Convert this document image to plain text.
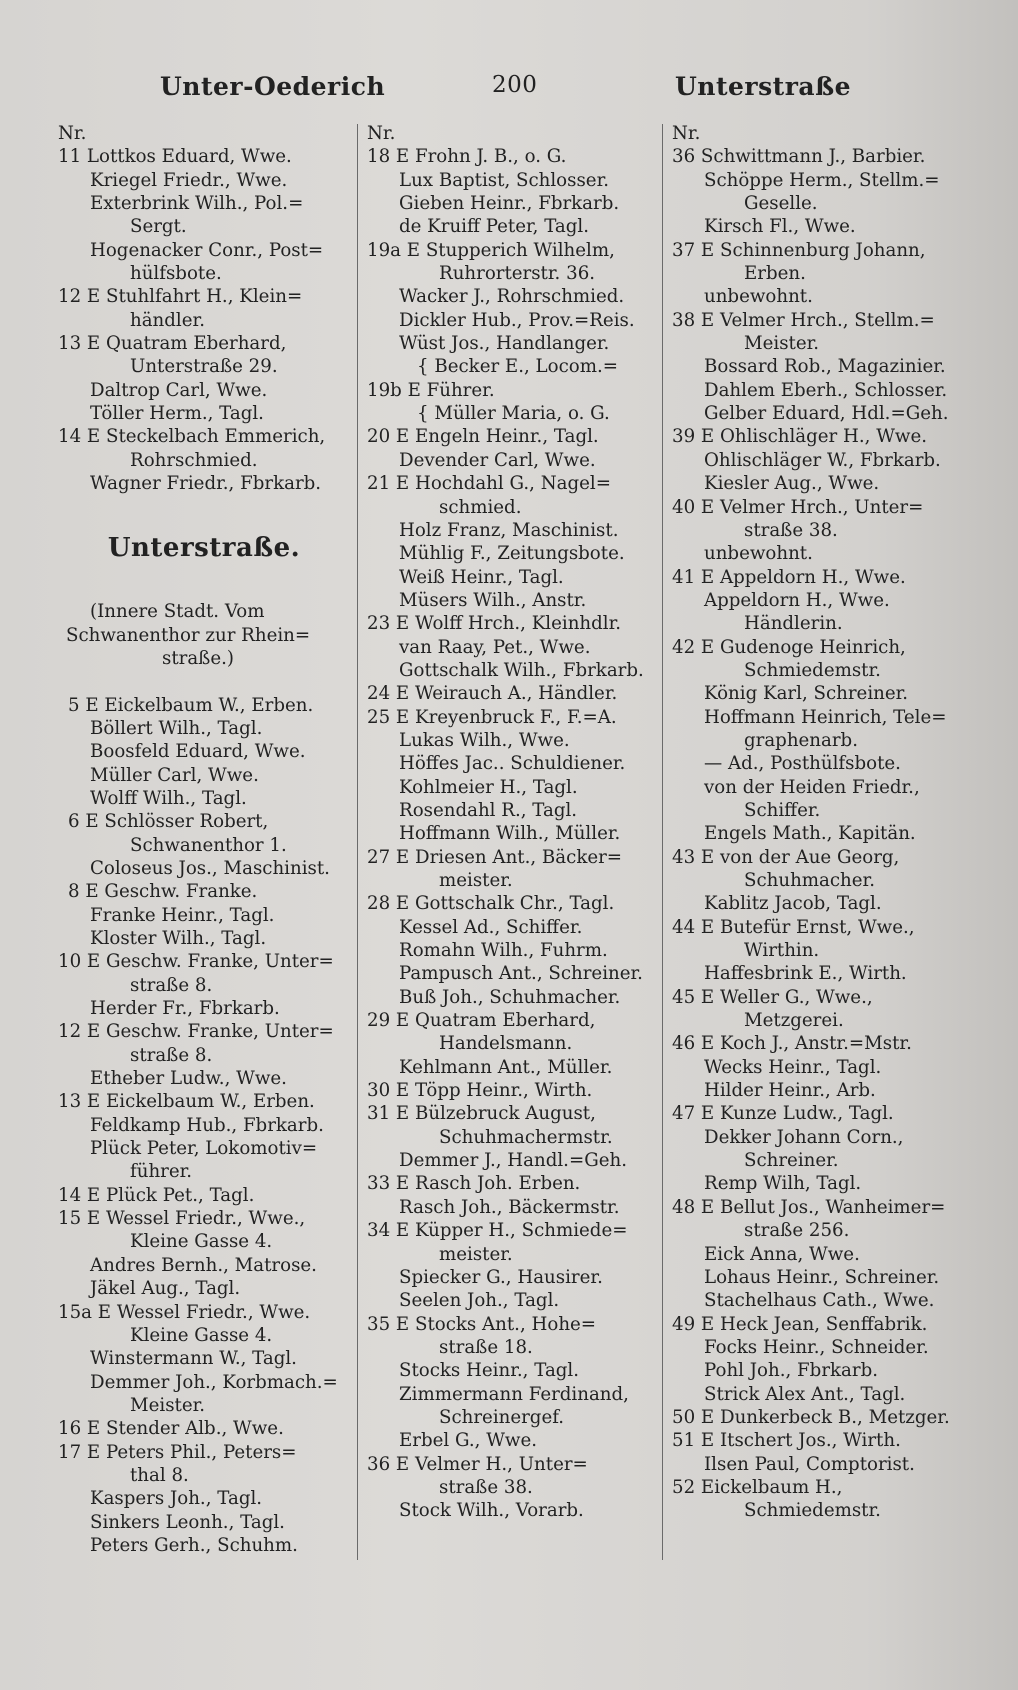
Unter-Oederich	200	Unterstraße
Nr.
11 Lottkos Eduard, Wwe.
Kriegel Friedr., Wwe.
Exterbrink Wilh., Pol.=
Sergt.
Hogenacker Conr., Post=
hülfsbote.
12 E Stuhlfahrt H., Klein=
händler.
13 E Quatram Eberhard,
Unterstraße 29.
Daltrop Carl, Wwe.
Töller Herm., Tagl.
14 E Steckelbach Emmerich,
Rohrschmied.
Wagner Friedr., Fbrkarb.
Unterstraße.
(Innere Stadt. Vom
Schwanenthor zur Rhein=
straße.)
5 E Eickelbaum W., Erben.
Böllert Wilh., Tagl.
Boosfeld Eduard, Wwe.
Müller Carl, Wwe.
Wolff Wilh., Tagl.
6 E Schlösser Robert,
Schwanenthor 1.
Coloseus Jos., Maschinist.
8 E Geschw. Franke.
Franke Heinr., Tagl.
Kloster Wilh., Tagl.
10 E Geschw. Franke, Unter=
straße 8.
Herder Fr., Fbrkarb.
12 E Geschw. Franke, Unter=
straße 8.
Etheber Ludw., Wwe.
13 E Eickelbaum W., Erben.
Feldkamp Hub., Fbrkarb.
Plück Peter, Lokomotiv=
führer.
14 E Plück Pet., Tagl.
15 E Wessel Friedr., Wwe.,
Kleine Gasse 4.
Andres Bernh., Matrose.
Jäkel Aug., Tagl.
15a E Wessel Friedr., Wwe.
Kleine Gasse 4.
Winstermann W., Tagl.
Demmer Joh., Korbmach.=
Meister.
16 E Stender Alb., Wwe.
17 E Peters Phil., Peters=
thal 8.
Kaspers Joh., Tagl.
Sinkers Leonh., Tagl.
Peters Gerh., Schuhm.
Nr.
18 E Frohn J. B., o. G.
Lux Baptist, Schlosser.
Gieben Heinr., Fbrkarb.
de Kruiff Peter, Tagl.
19a E Stupperich Wilhelm,
Ruhrorterstr. 36.
Wacker J., Rohrschmied.
Dickler Hub., Prov.=Reis.
Wüst Jos., Handlanger.
{ Becker E., Locom.=
19b E Führer.
{ Müller Maria, o. G.
20 E Engeln Heinr., Tagl.
Devender Carl, Wwe.
21 E Hochdahl G., Nagel=
schmied.
Holz Franz, Maschinist.
Mühlig F., Zeitungsbote.
Weiß Heinr., Tagl.
Müsers Wilh., Anstr.
23 E Wolff Hrch., Kleinhdlr.
van Raay, Pet., Wwe.
Gottschalk Wilh., Fbrkarb.
24 E Weirauch A., Händler.
25 E Kreyenbruck F., F.=A.
Lukas Wilh., Wwe.
Höffes Jac.. Schuldiener.
Kohlmeier H., Tagl.
Rosendahl R., Tagl.
Hoffmann Wilh., Müller.
27 E Driesen Ant., Bäcker=
meister.
28 E Gottschalk Chr., Tagl.
Kessel Ad., Schiffer.
Romahn Wilh., Fuhrm.
Pampusch Ant., Schreiner.
Buß Joh., Schuhmacher.
29 E Quatram Eberhard,
Handelsmann.
Kehlmann Ant., Müller.
30 E Töpp Heinr., Wirth.
31 E Bülzebruck August,
Schuhmachermstr.
Demmer J., Handl.=Geh.
33 E Rasch Joh. Erben.
Rasch Joh., Bäckermstr.
34 E Küpper H., Schmiede=
meister.
Spiecker G., Hausirer.
Seelen Joh., Tagl.
35 E Stocks Ant., Hohe=
straße 18.
Stocks Heinr., Tagl.
Zimmermann Ferdinand,
Schreinergef.
Erbel G., Wwe.
36 E Velmer H., Unter=
straße 38.
Stock Wilh., Vorarb.
Nr.
36 Schwittmann J., Barbier.
Schöppe Herm., Stellm.=
Geselle.
Kirsch Fl., Wwe.
37 E Schinnenburg Johann,
Erben.
unbewohnt.
38 E Velmer Hrch., Stellm.=
Meister.
Bossard Rob., Magazinier.
Dahlem Eberh., Schlosser.
Gelber Eduard, Hdl.=Geh.
39 E Ohlischläger H., Wwe.
Ohlischläger W., Fbrkarb.
Kiesler Aug., Wwe.
40 E Velmer Hrch., Unter=
straße 38.
unbewohnt.
41 E Appeldorn H., Wwe.
Appeldorn H., Wwe.
Händlerin.
42 E Gudenoge Heinrich,
Schmiedemstr.
König Karl, Schreiner.
Hoffmann Heinrich, Tele=
graphenarb.
— Ad., Posthülfsbote.
von der Heiden Friedr.,
Schiffer.
Engels Math., Kapitän.
43 E von der Aue Georg,
Schuhmacher.
Kablitz Jacob, Tagl.
44 E Butefür Ernst, Wwe.,
Wirthin.
Haffesbrink E., Wirth.
45 E Weller G., Wwe.,
Metzgerei.
46 E Koch J., Anstr.=Mstr.
Wecks Heinr., Tagl.
Hilder Heinr., Arb.
47 E Kunze Ludw., Tagl.
Dekker Johann Corn.,
Schreiner.
Remp Wilh, Tagl.
48 E Bellut Jos., Wanheimer=
straße 256.
Eick Anna, Wwe.
Lohaus Heinr., Schreiner.
Stachelhaus Cath., Wwe.
49 E Heck Jean, Senffabrik.
Focks Heinr., Schneider.
Pohl Joh., Fbrkarb.
Strick Alex Ant., Tagl.
50 E Dunkerbeck B., Metzger.
51 E Itschert Jos., Wirth.
Ilsen Paul, Comptorist.
52 Eickelbaum H.,
Schmiedemstr.
